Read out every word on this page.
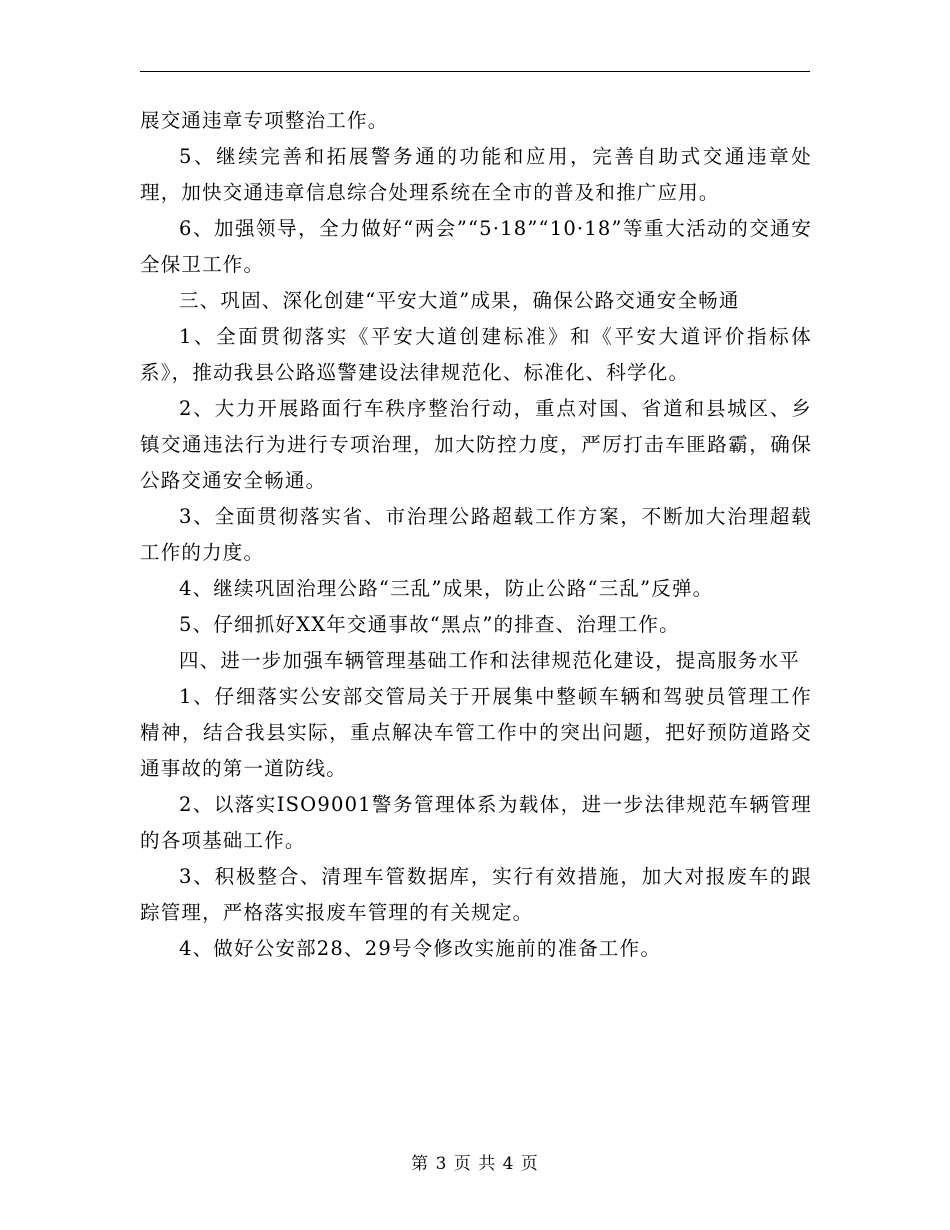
展交通违章专项整治工作。

5、继续完善和拓展警务通的功能和应用，完善自助式交通违章处理，加快交通违章信息综合处理系统在全市的普及和推广应用。

6、加强领导，全力做好“两会”“5·18”“10·18”等重大活动的交通安全保卫工作。

三、巩固、深化创建“平安大道”成果，确保公路交通安全畅通

1、全面贯彻落实《平安大道创建标准》和《平安大道评价指标体系》，推动我县公路巡警建设法律规范化、标准化、科学化。

2、大力开展路面行车秩序整治行动，重点对国、省道和县城区、乡镇交通违法行为进行专项治理，加大防控力度，严厉打击车匪路霸，确保公路交通安全畅通。

3、全面贯彻落实省、市治理公路超载工作方案，不断加大治理超载工作的力度。

4、继续巩固治理公路“三乱”成果，防止公路“三乱”反弹。

5、仔细抓好XX年交通事故“黑点”的排查、治理工作。

四、进一步加强车辆管理基础工作和法律规范化建设，提高服务水平

1、仔细落实公安部交管局关于开展集中整顿车辆和驾驶员管理工作精神，结合我县实际，重点解决车管工作中的突出问题，把好预防道路交通事故的第一道防线。

2、以落实ISO9001警务管理体系为载体，进一步法律规范车辆管理的各项基础工作。

3、积极整合、清理车管数据库，实行有效措施，加大对报废车的跟踪管理，严格落实报废车管理的有关规定。

4、做好公安部28、29号令修改实施前的准备工作。

第 3 页 共 4 页
